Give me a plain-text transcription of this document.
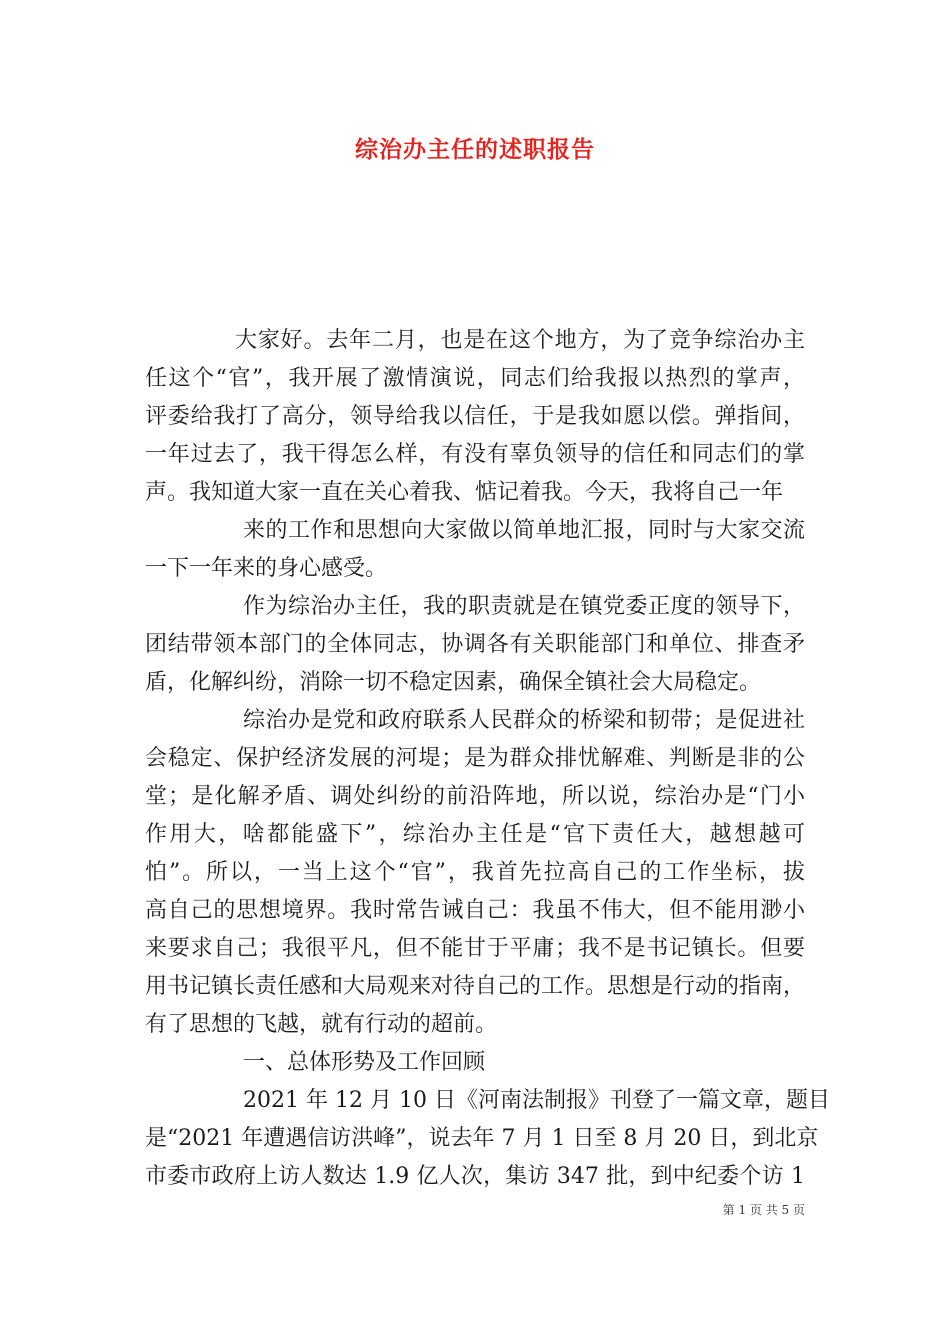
综治办主任的述职报告
大家好。去年二月，也是在这个地方，为了竞争综治办主
任这个“官”，我开展了激情演说，同志们给我报以热烈的掌声，
评委给我打了高分，领导给我以信任，于是我如愿以偿。弹指间，
一年过去了，我干得怎么样，有没有辜负领导的信任和同志们的掌
声。我知道大家一直在关心着我、惦记着我。今天，我将自己一年
来的工作和思想向大家做以简单地汇报，同时与大家交流
一下一年来的身心感受。
作为综治办主任，我的职责就是在镇党委正度的领导下，
团结带领本部门的全体同志，协调各有关职能部门和单位、排查矛
盾，化解纠纷，消除一切不稳定因素，确保全镇社会大局稳定。
综治办是党和政府联系人民群众的桥梁和韧带；是促进社
会稳定、保护经济发展的河堤；是为群众排忧解难、判断是非的公
堂；是化解矛盾、调处纠纷的前沿阵地，所以说，综治办是“门小
作用大，啥都能盛下”，综治办主任是“官下责任大，越想越可
怕”。所以，一当上这个“官”，我首先拉高自己的工作坐标，拔
高自己的思想境界。我时常告诫自己：我虽不伟大，但不能用渺小
来要求自己；我很平凡，但不能甘于平庸；我不是书记镇长。但要
用书记镇长责任感和大局观来对待自己的工作。思想是行动的指南，
有了思想的飞越，就有行动的超前。
一、总体形势及工作回顾
2021 年 12 月 10 日《河南法制报》刊登了一篇文章，题目
是“2021 年遭遇信访洪峰”，说去年 7 月 1 日至 8 月 20 日，到北京
市委市政府上访人数达 1.9 亿人次，集访 347 批，到中纪委个访 1
第 1 页 共 5 页
